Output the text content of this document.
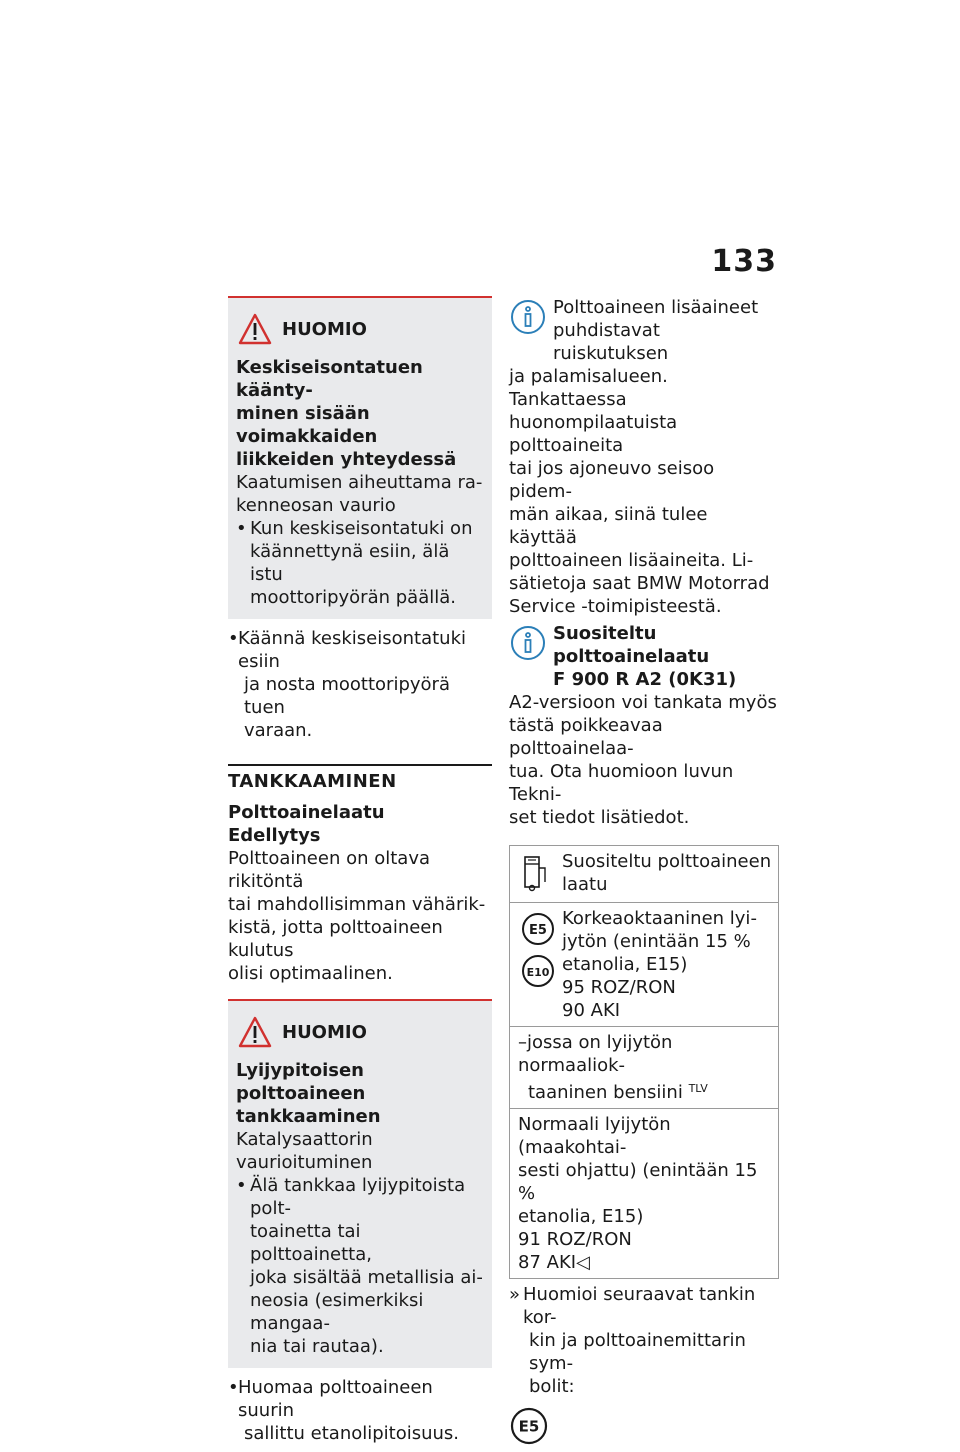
133
HUOMIO
Keskiseisontatuen käänty-
minen sisään voimakkaiden
liikkeiden yhteydessä
Kaatumisen aiheuttama ra-
kenneosan vaurio
• Kun keskiseisontatuki on
käännettynä esiin, älä istu
moottoripyörän päällä.
• Käännä keskiseisontatuki esiin
ja nosta moottoripyörä tuen
varaan.
TANKKAAMINEN
Polttoainelaatu
Edellytys
Polttoaineen on oltava rikitöntä
tai mahdollisimman vähärik-
kistä, jotta polttoaineen kulutus
olisi optimaalinen.
HUOMIO
Lyijypitoisen polttoaineen
tankkaaminen
Katalysaattorin vaurioituminen
• Älä tankkaa lyijypitoista polt-
toainetta tai polttoainetta,
joka sisältää metallisia ai-
neosia (esimerkiksi mangaa-
nia tai rautaa).
• Huomaa polttoaineen suurin
sallittu etanolipitoisuus.
Polttoaineen lisäaineet
puhdistavat ruiskutuksen
ja palamisalueen. Tankattaessa
huonompilaatuista polttoaineita
tai jos ajoneuvo seisoo pidem-
män aikaa, siinä tulee käyttää
polttoaineen lisäaineita. Li-
sätietoja saat BMW Motorrad
Service -toimipisteestä.
Suositeltu polttoainelaatu
F 900 R A2 (0K31)
A2-versioon voi tankata myös
tästä poikkeavaa polttoainelaa-
tua. Ota huomioon luvun Tekni-
set tiedot lisätiedot.
Suositeltu polttoaineen
laatu
E5
E10
Korkeaoktaaninen lyi-
jytön (enintään 15 %
etanolia, E15)
95 ROZ/RON
90 AKI
–jossa on lyijytön normaaliok-
taaninen bensiini $^{TLV}$
Normaali lyijytön (maakohtai-
sesti ohjattu) (enintään 15 %
etanolia, E15)
91 ROZ/RON
87 AKI◁
» Huomioi seuraavat tankin kor-
kin ja polttoainemittarin sym-
bolit:
E5
